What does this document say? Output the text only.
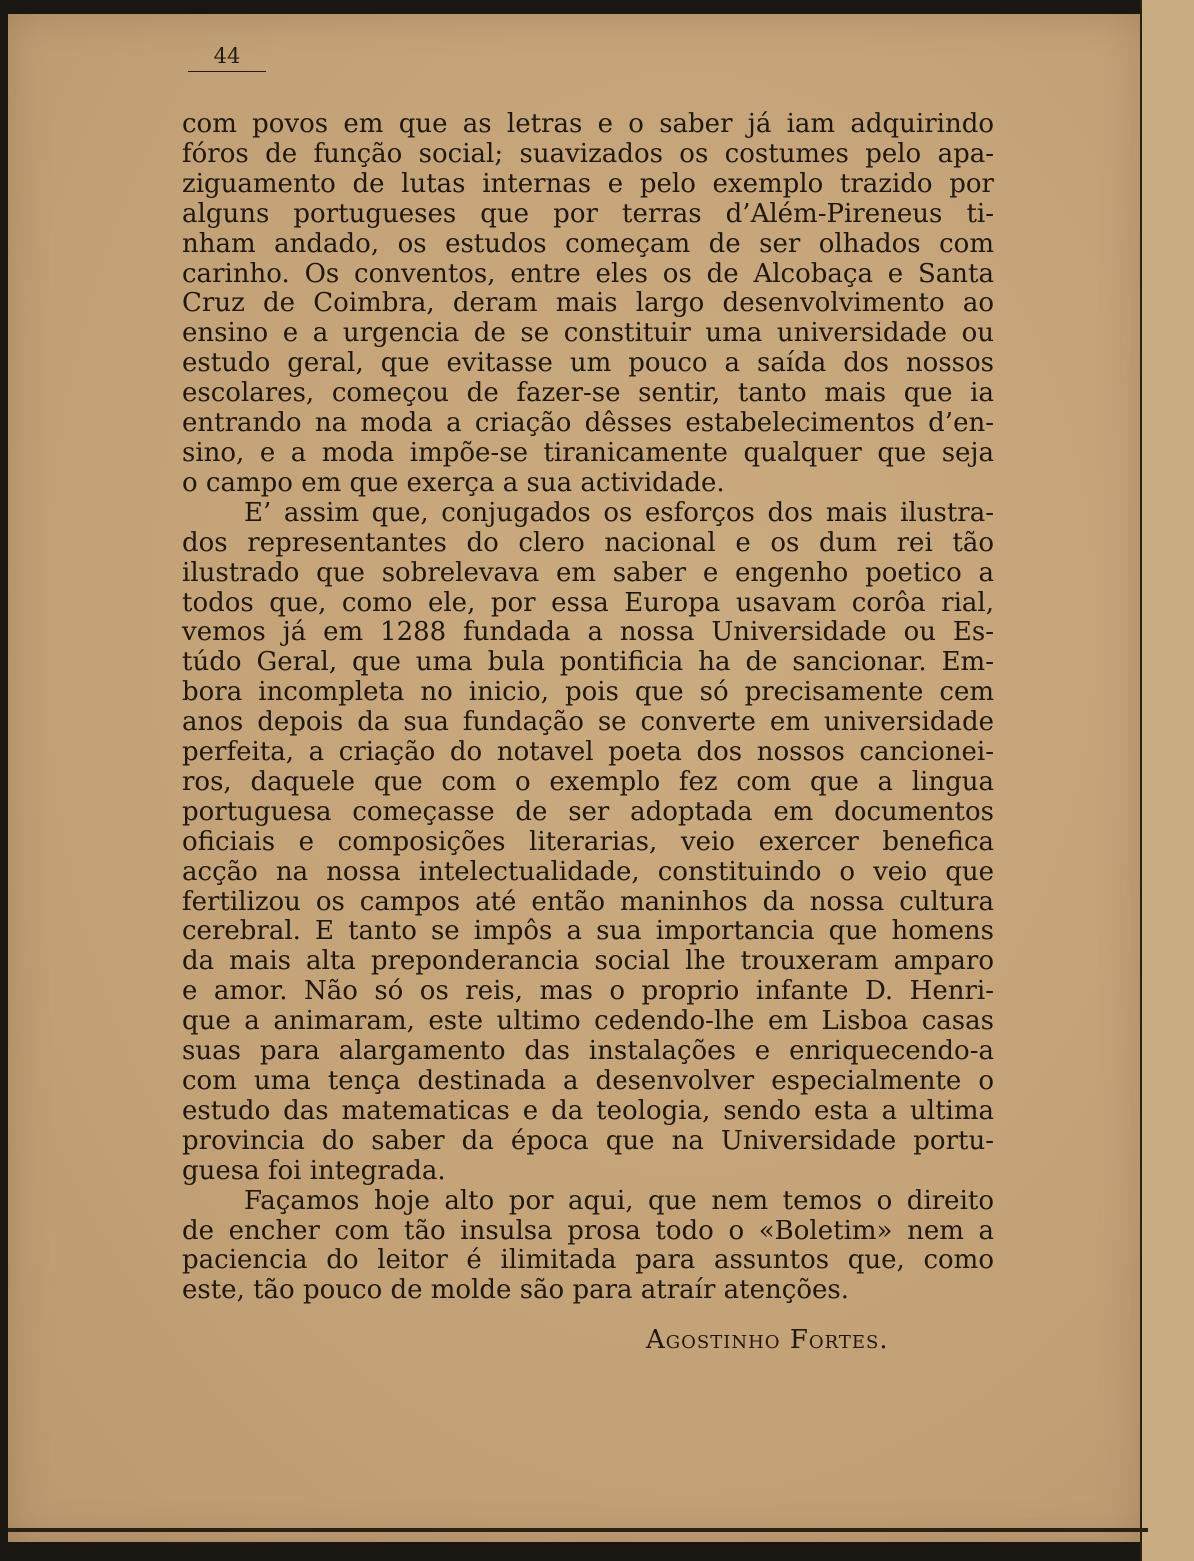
44

com povos em que as letras e o saber já iam adquirindo
fóros de função social; suavizados os costumes pelo apa-
ziguamento de lutas internas e pelo exemplo trazido por
alguns portugueses que por terras d’Além-Pireneus ti-
nham andado, os estudos começam de ser olhados com
carinho. Os conventos, entre eles os de Alcobaça e Santa
Cruz de Coimbra, deram mais largo desenvolvimento ao
ensino e a urgencia de se constituir uma universidade ou
estudo geral, que evitasse um pouco a saída dos nossos
escolares, começou de fazer-se sentir, tanto mais que ia
entrando na moda a criação dêsses estabelecimentos d’en-
sino, e a moda impõe-se tiranicamente qualquer que seja
o campo em que exerça a sua actividade.

E’ assim que, conjugados os esforços dos mais ilustra-
dos representantes do clero nacional e os dum rei tão
ilustrado que sobrelevava em saber e engenho poetico a
todos que, como ele, por essa Europa usavam corôa rial,
vemos já em 1288 fundada a nossa Universidade ou Es-
túdo Geral, que uma bula pontificia ha de sancionar. Em-
bora incompleta no inicio, pois que só precisamente cem
anos depois da sua fundação se converte em universidade
perfeita, a criação do notavel poeta dos nossos cancionei-
ros, daquele que com o exemplo fez com que a lingua
portuguesa começasse de ser adoptada em documentos
oficiais e composições literarias, veio exercer benefica
acção na nossa intelectualidade, constituindo o veio que
fertilizou os campos até então maninhos da nossa cultura
cerebral. E tanto se impôs a sua importancia que homens
da mais alta preponderancia social lhe trouxeram amparo
e amor. Não só os reis, mas o proprio infante D. Henri-
que a animaram, este ultimo cedendo-lhe em Lisboa casas
suas para alargamento das instalações e enriquecendo-a
com uma tença destinada a desenvolver especialmente o
estudo das matematicas e da teologia, sendo esta a ultima
provincia do saber da época que na Universidade portu-
guesa foi integrada.

Façamos hoje alto por aqui, que nem temos o direito
de encher com tão insulsa prosa todo o «Boletim» nem a
paciencia do leitor é ilimitada para assuntos que, como
este, tão pouco de molde são para atraír atenções.

Agostinho Fortes.
